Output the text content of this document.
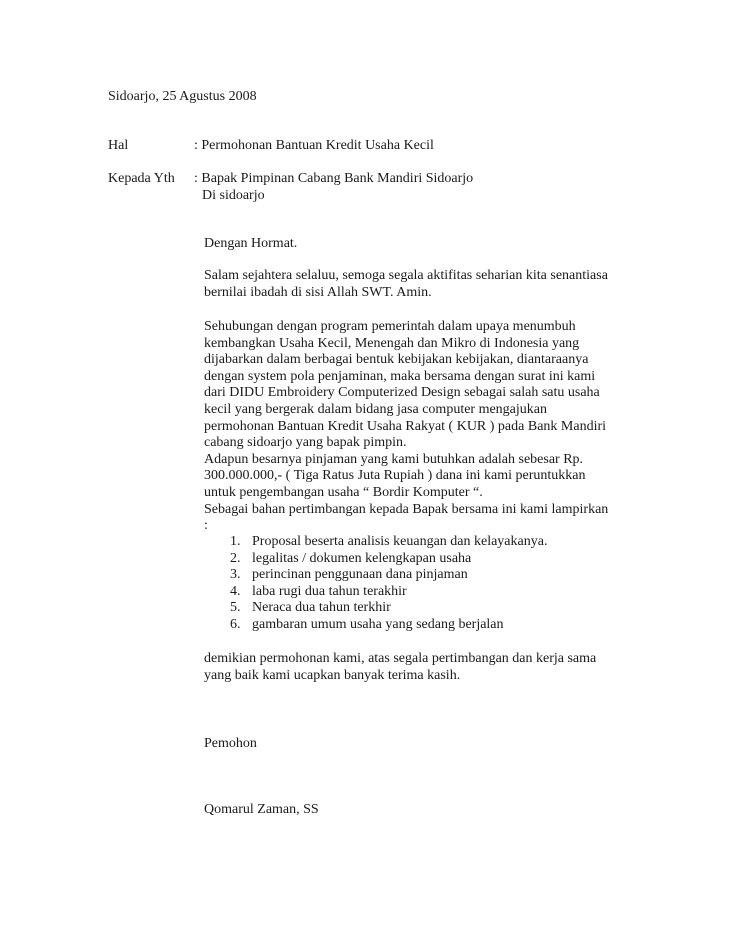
Sidoarjo, 25 Agustus 2008
Hal	: Permohonan Bantuan Kredit Usaha Kecil
Kepada Yth : Bapak Pimpinan Cabang Bank Mandiri Sidoarjo
Di sidoarjo
Dengan Hormat.
Salam sejahtera selaluu, semoga segala aktifitas seharian kita senantiasa
bernilai ibadah di sisi Allah SWT. Amin.
Sehubungan dengan program pemerintah dalam upaya menumbuh
kembangkan Usaha Kecil, Menengah dan Mikro di Indonesia yang
dijabarkan dalam berbagai bentuk kebijakan kebijakan, diantaraanya
dengan system pola penjaminan, maka bersama dengan surat ini kami
dari DIDU Embroidery Computerized Design sebagai salah satu usaha
kecil yang bergerak dalam bidang jasa computer mengajukan
permohonan Bantuan Kredit Usaha Rakyat ( KUR ) pada Bank Mandiri
cabang sidoarjo yang bapak pimpin.
Adapun besarnya pinjaman yang kami butuhkan adalah sebesar Rp.
300.000.000,- ( Tiga Ratus Juta Rupiah ) dana ini kami peruntukkan
untuk pengembangan usaha “ Bordir Komputer “.
Sebagai bahan pertimbangan kepada Bapak bersama ini kami lampirkan
:
1. Proposal beserta analisis keuangan dan kelayakanya.
2. legalitas / dokumen kelengkapan usaha
3. perincinan penggunaan dana pinjaman
4. laba rugi dua tahun terakhir
5. Neraca dua tahun terkhir
6. gambaran umum usaha yang sedang berjalan
demikian permohonan kami, atas segala pertimbangan dan kerja sama
yang baik kami ucapkan banyak terima kasih.
Pemohon
Qomarul Zaman, SS
